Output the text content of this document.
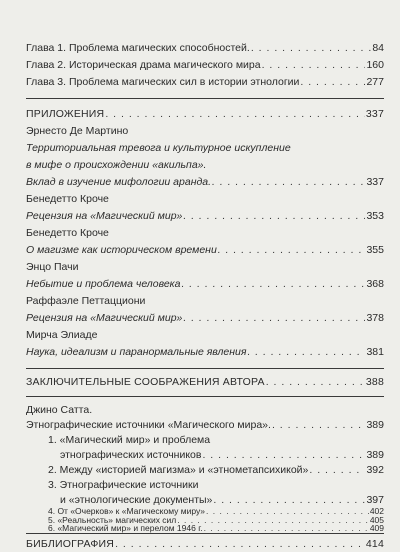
Глава 1. Проблема магических способностей. . . .	84
Глава 2. Историческая драма магического мира . . .	160
Глава 3. Проблема магических сил в истории этнологии . . .	277
ПРИЛОЖЕНИЯ . . .	337
Эрнесто Де Мартино
Территориальная тревога и культурное искупление
в мифе о происхождении «акильпа».
Вклад в изучение мифологии аранда. . . .	337
Бенедетто Кроче
Рецензия на «Магический мир» . . .	353
Бенедетто Кроче
О магизме как историческом времени . . .	355
Энцо Пачи
Небытие и проблема человека . . .	368
Раффаэле Петтацциони
Рецензия на «Магический мир» . . .	378
Мирча Элиаде
Наука, идеализм и паранормальные явления . . .	381
ЗАКЛЮЧИТЕЛЬНЫЕ СООБРАЖЕНИЯ АВТОРА . . .	388
Джино Сатта.
Этнографические источники «Магического мира». . . .	389
1. «Магический мир» и проблема
этнографических источников . . .	389
2. Между «историей магизма» и «этнометапсихикой» . . .	392
3. Этнографические источники
и «этнологические документы» . . .	397
4. От «Очерков» к «Магическому миру» . . .	402
5. «Реальность» магических сил . . .	405
6. «Магический мир» и перелом 1946 г. . . .	409
БИБЛИОГРАФИЯ . . .	414
